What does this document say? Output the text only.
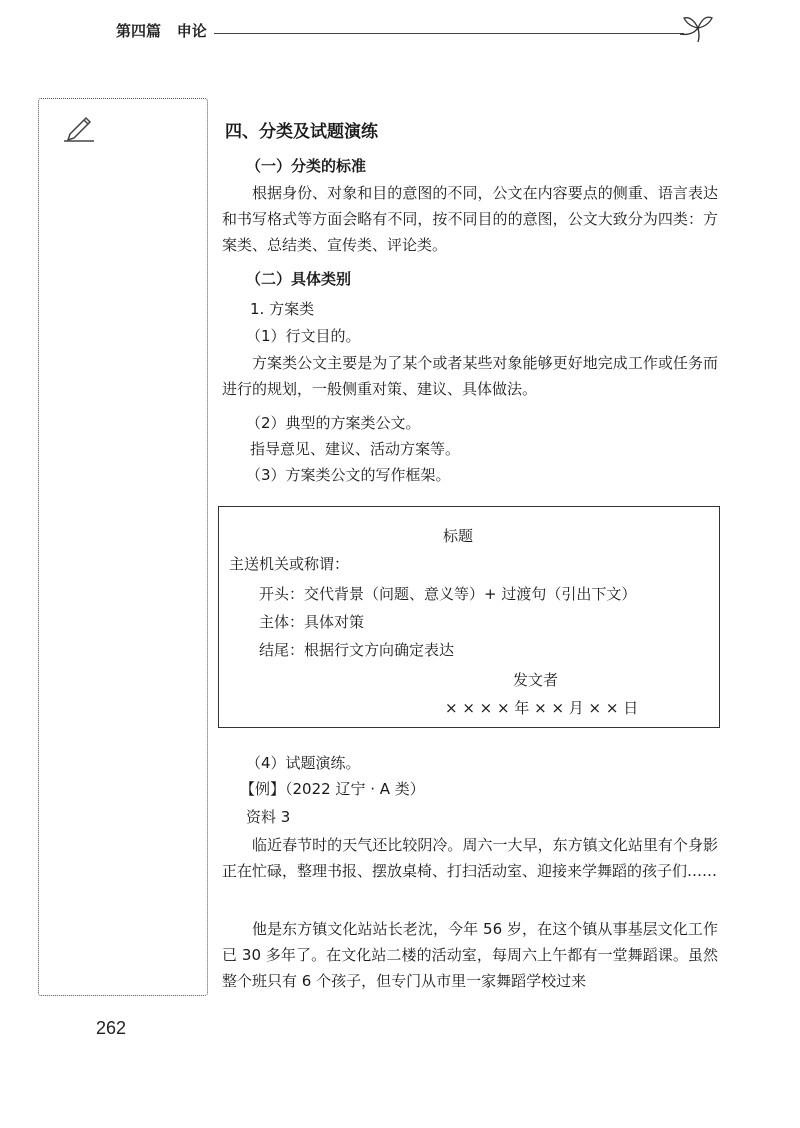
第四篇 申论
四、分类及试题演练
（一）分类的标准
根据身份、对象和目的意图的不同，公文在内容要点的侧重、语言表达和书写格式等方面会略有不同，按不同目的的意图，公文大致分为四类：方案类、总结类、宣传类、评论类。
（二）具体类别
1. 方案类
（1）行文目的。
方案类公文主要是为了某个或者某些对象能够更好地完成工作或任务而进行的规划，一般侧重对策、建议、具体做法。
（2）典型的方案类公文。
指导意见、建议、活动方案等。
（3）方案类公文的写作框架。
标题
主送机关或称谓：
开头：交代背景（问题、意义等）+ 过渡句（引出下文）
主体：具体对策
结尾：根据行文方向确定表达
发文者
× × × × 年 × × 月 × × 日
（4）试题演练。
【例】（2022 辽宁 · A 类）
资料 3
临近春节时的天气还比较阴冷。周六一大早，东方镇文化站里有个身影正在忙碌，整理书报、摆放桌椅、打扫活动室、迎接来学舞蹈的孩子们……
他是东方镇文化站站长老沈，今年 56 岁，在这个镇从事基层文化工作已 30 多年了。在文化站二楼的活动室，每周六上午都有一堂舞蹈课。虽然整个班只有 6 个孩子，但专门从市里一家舞蹈学校过来
262
